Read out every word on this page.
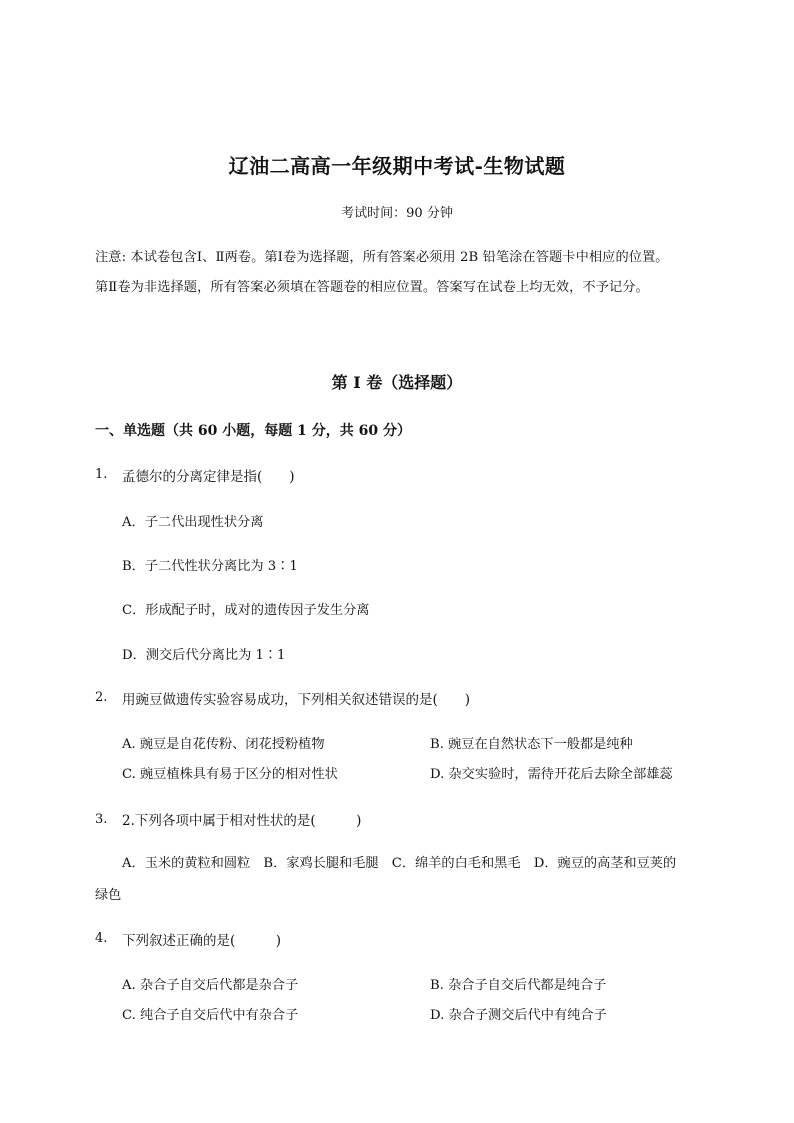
辽油二高高一年级期中考试-生物试题
考试时间：90 分钟
注意: 本试卷包含Ⅰ、Ⅱ两卷。第Ⅰ卷为选择题，所有答案必须用 2B 铅笔涂在答题卡中相应的位置。
第Ⅱ卷为非选择题，所有答案必须填在答题卷的相应位置。答案写在试卷上均无效，不予记分。
第 I 卷（选择题）
一、单选题（共 60 小题，每题 1 分，共 60 分）
1. 孟德尔的分离定律是指(　　)
A．子二代出现性状分离
B．子二代性状分离比为 3∶1
C．形成配子时，成对的遗传因子发生分离
D．测交后代分离比为 1∶1
2. 用豌豆做遗传实验容易成功，下列相关叙述错误的是(　　)
A. 豌豆是自花传粉、闭花授粉植物	B. 豌豆在自然状态下一般都是纯种
C. 豌豆植株具有易于区分的相对性状	D. 杂交实验时，需待开花后去除全部雄蕊
3. 2.下列各项中属于相对性状的是(　　　)
A．玉米的黄粒和圆粒　B．家鸡长腿和毛腿　C．绵羊的白毛和黑毛　D．豌豆的高茎和豆荚的
绿色
4. 下列叙述正确的是(　　　)
A. 杂合子自交后代都是杂合子	B. 杂合子自交后代都是纯合子
C. 纯合子自交后代中有杂合子	D. 杂合子测交后代中有纯合子
